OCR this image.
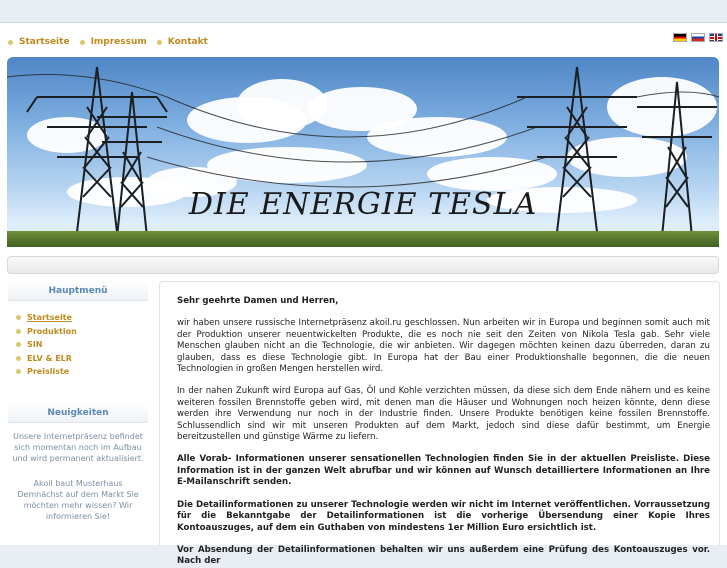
Startseite Impressum Kontakt
DIE ENERGIE TESLA
Hauptmenü
Startseite
Produktion
SIN
ELV & ELR
Preisliste
Neuigkeiten

Unsere Internetpräsenz befindet sich momentan noch im Aufbau und wird permanent aktualisiert.

Akoil baut Musterhaus Demnächst auf dem Markt Sie möchten mehr wissen? Wir informieren Sie!

Sehr geehrte Damen und Herren,

wir haben unsere russische Internetpräsenz akoil.ru geschlossen. Nun arbeiten wir in Europa und beginnen somit auch mit der Produktion unserer neuentwickelten Produkte, die es noch nie seit den Zeiten von Nikola Tesla gab. Sehr viele Menschen glauben nicht an die Technologie, die wir anbieten. Wir dagegen möchten keinen dazu überreden, daran zu glauben, dass es diese Technologie gibt. In Europa hat der Bau einer Produktionshalle begonnen, die die neuen Technologien in großen Mengen herstellen wird.

In der nahen Zukunft wird Europa auf Gas, Öl und Kohle verzichten müssen, da diese sich dem Ende nähern und es keine weiteren fossilen Brennstoffe geben wird, mit denen man die Häuser und Wohnungen noch heizen könnte, denn diese werden ihre Verwendung nur noch in der Industrie finden. Unsere Produkte benötigen keine fossilen Brennstoffe. Schlussendlich sind wir mit unseren Produkten auf dem Markt, jedoch sind diese dafür bestimmt, um Energie bereitzustellen und günstige Wärme zu liefern.

Alle Vorab- Informationen unserer sensationellen Technologien finden Sie in der aktuellen Preisliste. Diese Information ist in der ganzen Welt abrufbar und wir können auf Wunsch detailliertere Informationen an Ihre E-Mailanschrift senden.

Die Detailinformationen zu unserer Technologie werden wir nicht im Internet veröffentlichen. Vorraussetzung für die Bekanntgabe der Detailinformationen ist die vorherige Übersendung einer Kopie Ihres Kontoauszuges, auf dem ein Guthaben von mindestens 1er Million Euro ersichtlich ist.

Vor Absendung der Detailinformationen behalten wir uns außerdem eine Prüfung des Kontoauszuges vor. Nach der
